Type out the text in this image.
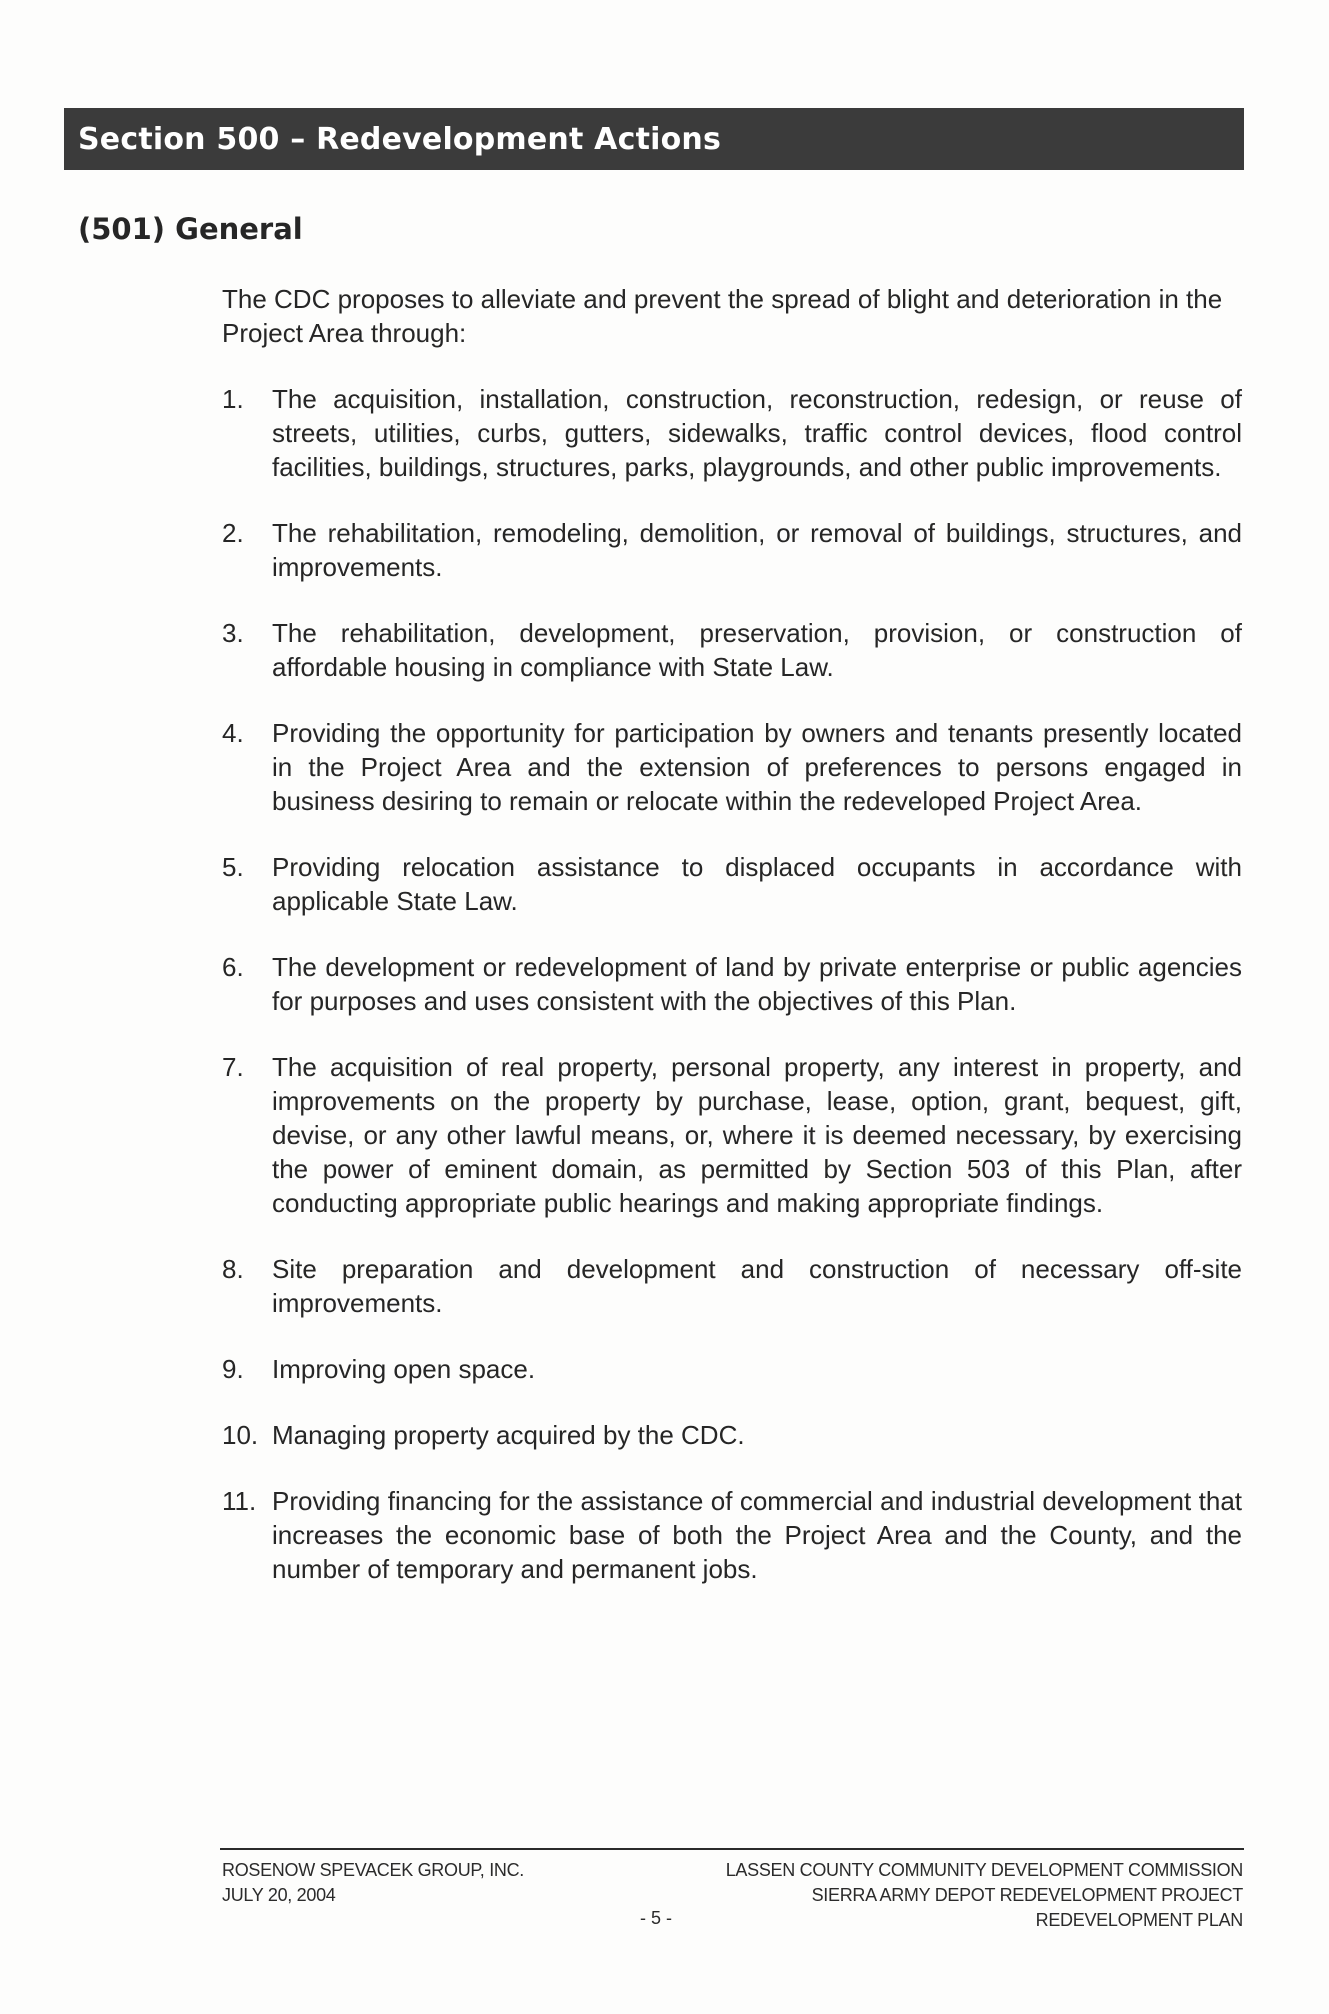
Section 500 – Redevelopment Actions
(501) General
The CDC proposes to alleviate and prevent the spread of blight and deterioration in the Project Area through:
1.	The acquisition, installation, construction, reconstruction, redesign, or reuse of streets, utilities, curbs, gutters, sidewalks, traffic control devices, flood control facilities, buildings, structures, parks, playgrounds, and other public improvements.
2.	The rehabilitation, remodeling, demolition, or removal of buildings, structures, and improvements.
3.	The rehabilitation, development, preservation, provision, or construction of affordable housing in compliance with State Law.
4.	Providing the opportunity for participation by owners and tenants presently located in the Project Area and the extension of preferences to persons engaged in business desiring to remain or relocate within the redeveloped Project Area.
5.	Providing relocation assistance to displaced occupants in accordance with applicable State Law.
6.	The development or redevelopment of land by private enterprise or public agencies for purposes and uses consistent with the objectives of this Plan.
7.	The acquisition of real property, personal property, any interest in property, and improvements on the property by purchase, lease, option, grant, bequest, gift, devise, or any other lawful means, or, where it is deemed necessary, by exercising the power of eminent domain, as permitted by Section 503 of this Plan, after conducting appropriate public hearings and making appropriate findings.
8.	Site preparation and development and construction of necessary off-site improvements.
9.	Improving open space.
10. Managing property acquired by the CDC.
11. Providing financing for the assistance of commercial and industrial development that increases the economic base of both the Project Area and the County, and the number of temporary and permanent jobs.
ROSENOW SPEVACEK GROUP, INC.
JULY 20, 2004
LASSEN COUNTY COMMUNITY DEVELOPMENT COMMISSION
SIERRA ARMY DEPOT REDEVELOPMENT PROJECT
REDEVELOPMENT PLAN
- 5 -
